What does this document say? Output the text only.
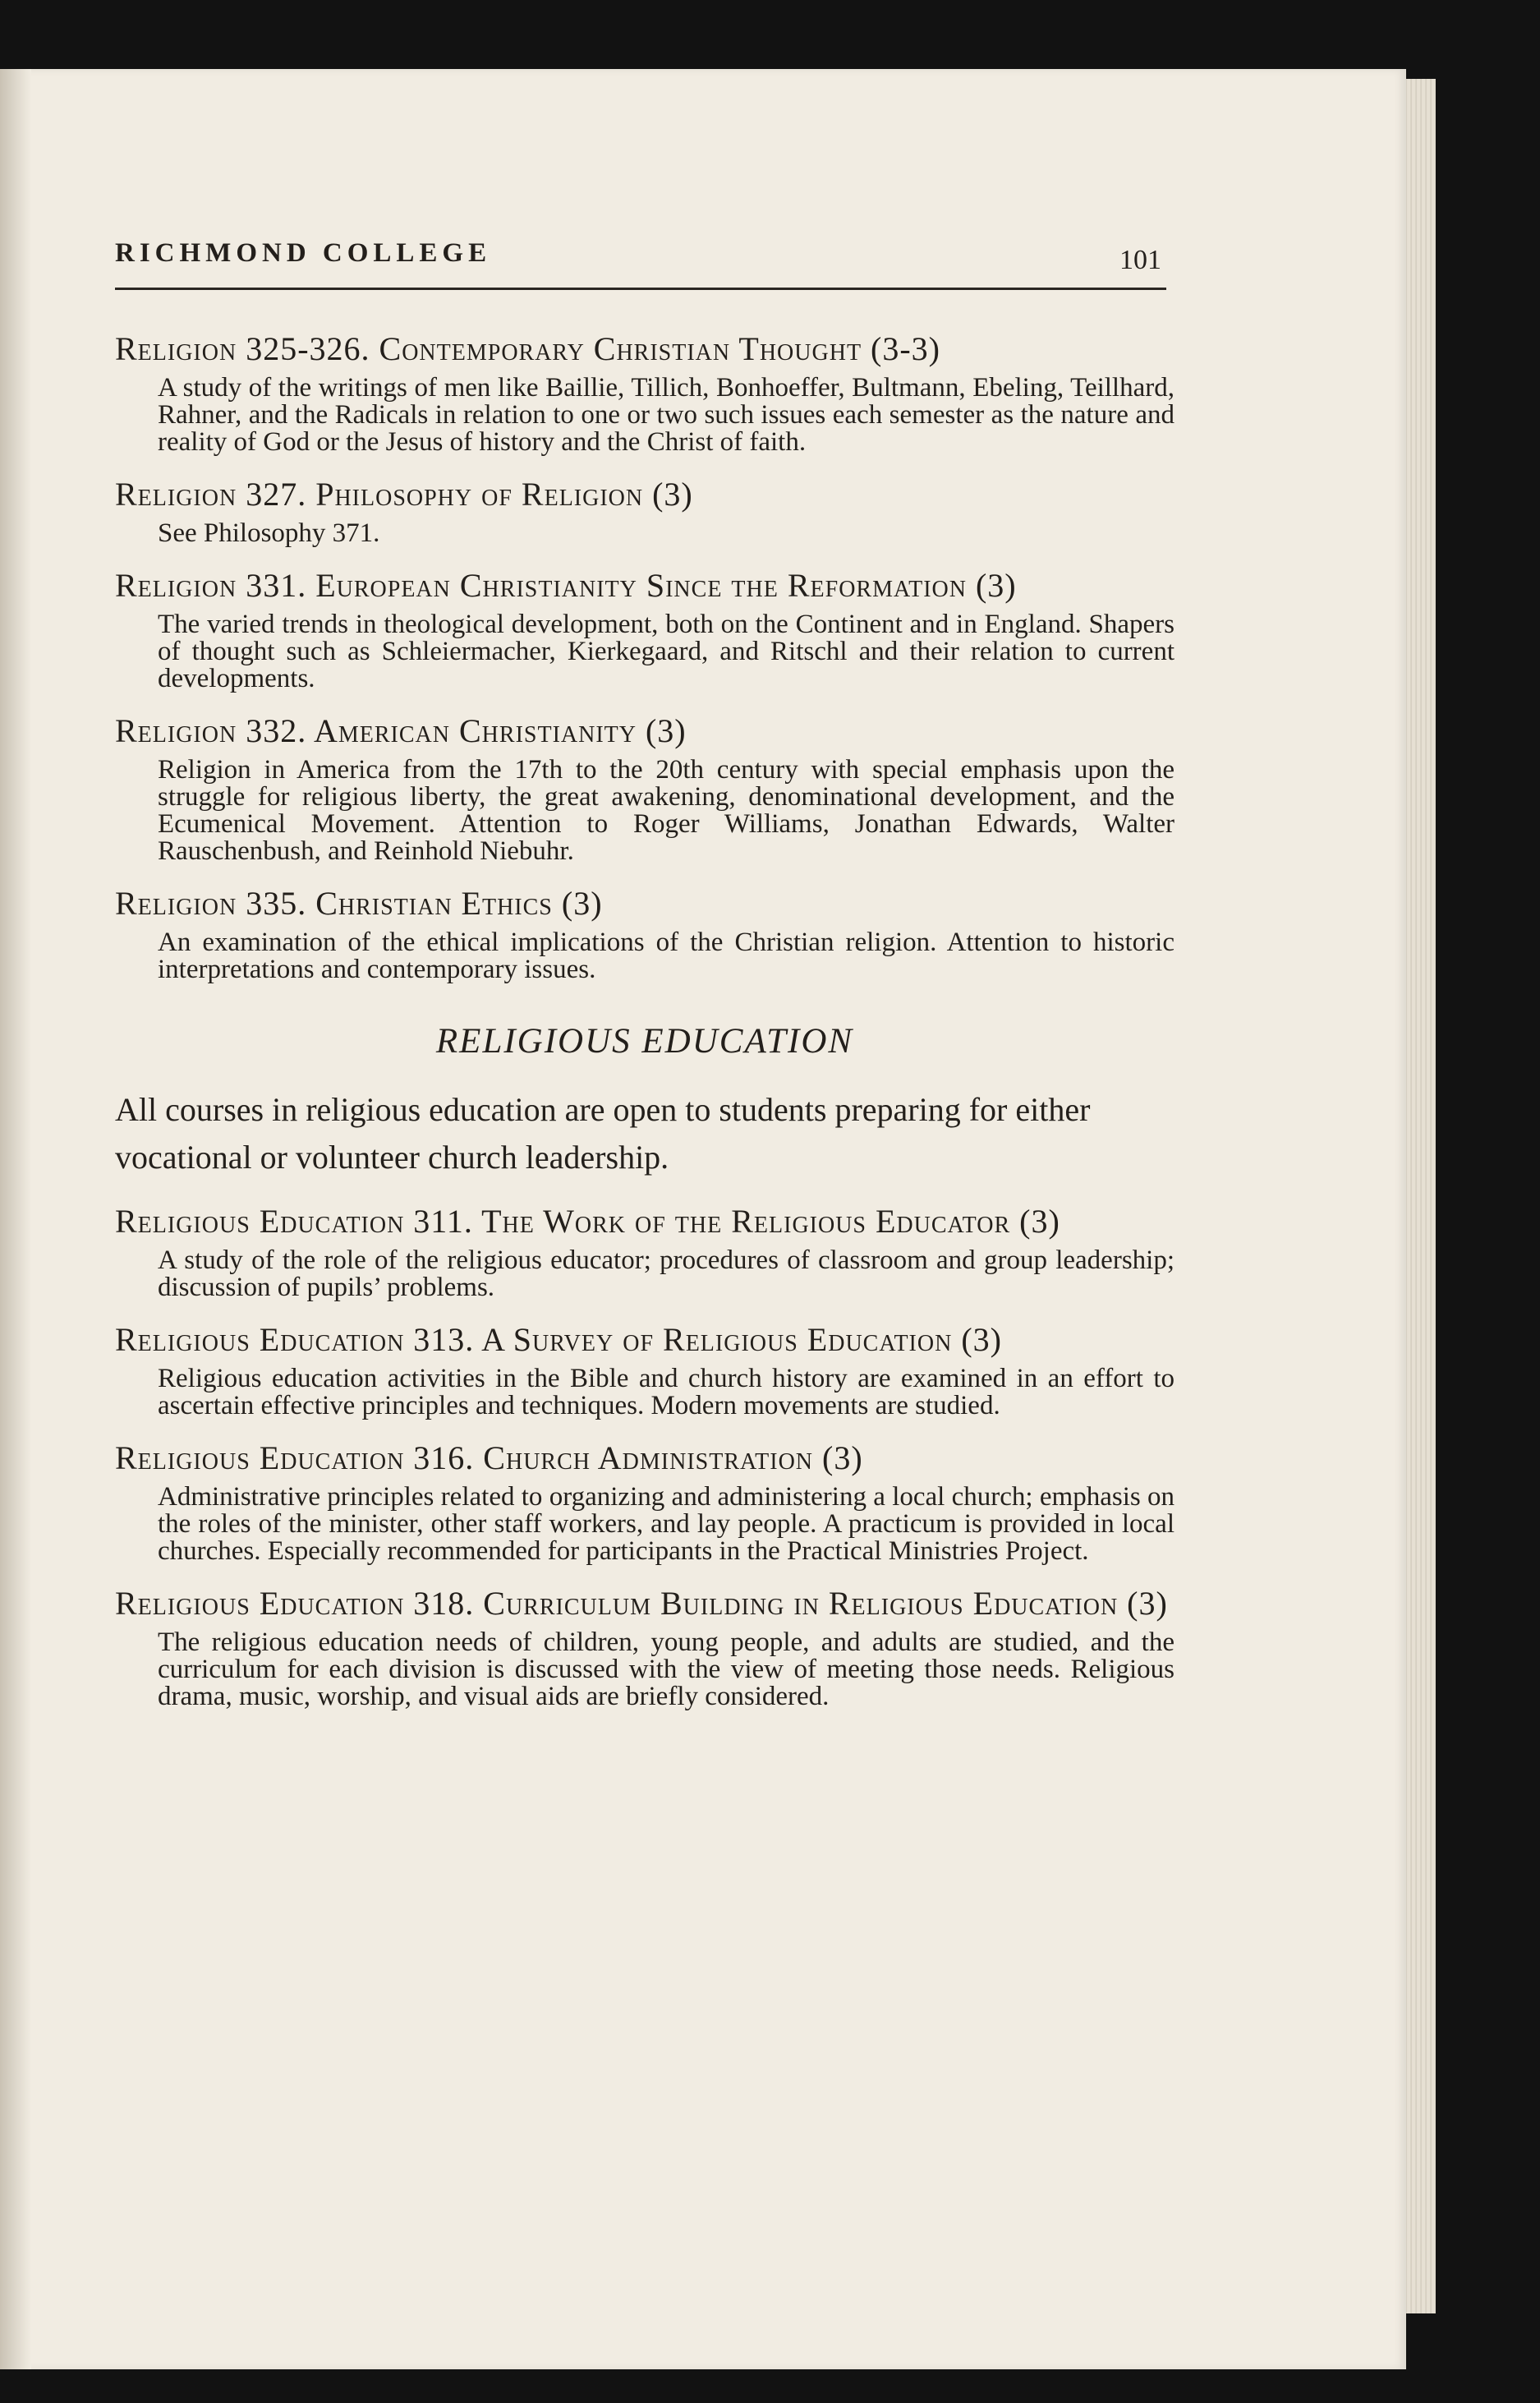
RICHMOND COLLEGE	101
Religion 325-326. Contemporary Christian Thought (3-3)
A study of the writings of men like Baillie, Tillich, Bonhoeffer, Bultmann, Ebeling, Teillhard, Rahner, and the Radicals in relation to one or two such issues each semester as the nature and reality of God or the Jesus of history and the Christ of faith.
Religion 327. Philosophy of Religion (3)
See Philosophy 371.
Religion 331. European Christianity Since the Reformation (3)
The varied trends in theological development, both on the Continent and in England. Shapers of thought such as Schleiermacher, Kierkegaard, and Ritschl and their relation to current developments.
Religion 332. American Christianity (3)
Religion in America from the 17th to the 20th century with special emphasis upon the struggle for religious liberty, the great awakening, denominational development, and the Ecumenical Movement. Attention to Roger Williams, Jonathan Edwards, Walter Rauschenbush, and Reinhold Niebuhr.
Religion 335. Christian Ethics (3)
An examination of the ethical implications of the Christian religion. Attention to historic interpretations and contemporary issues.
RELIGIOUS EDUCATION
All courses in religious education are open to students preparing for either vocational or volunteer church leadership.
Religious Education 311. The Work of the Religious Educator (3)
A study of the role of the religious educator; procedures of classroom and group leadership; discussion of pupils’ problems.
Religious Education 313. A Survey of Religious Education (3)
Religious education activities in the Bible and church history are examined in an effort to ascertain effective principles and techniques. Modern movements are studied.
Religious Education 316. Church Administration (3)
Administrative principles related to organizing and administering a local church; emphasis on the roles of the minister, other staff workers, and lay people. A practicum is provided in local churches. Especially recommended for participants in the Practical Ministries Project.
Religious Education 318. Curriculum Building in Religious Education (3)
The religious education needs of children, young people, and adults are studied, and the curriculum for each division is discussed with the view of meeting those needs. Religious drama, music, worship, and visual aids are briefly considered.
